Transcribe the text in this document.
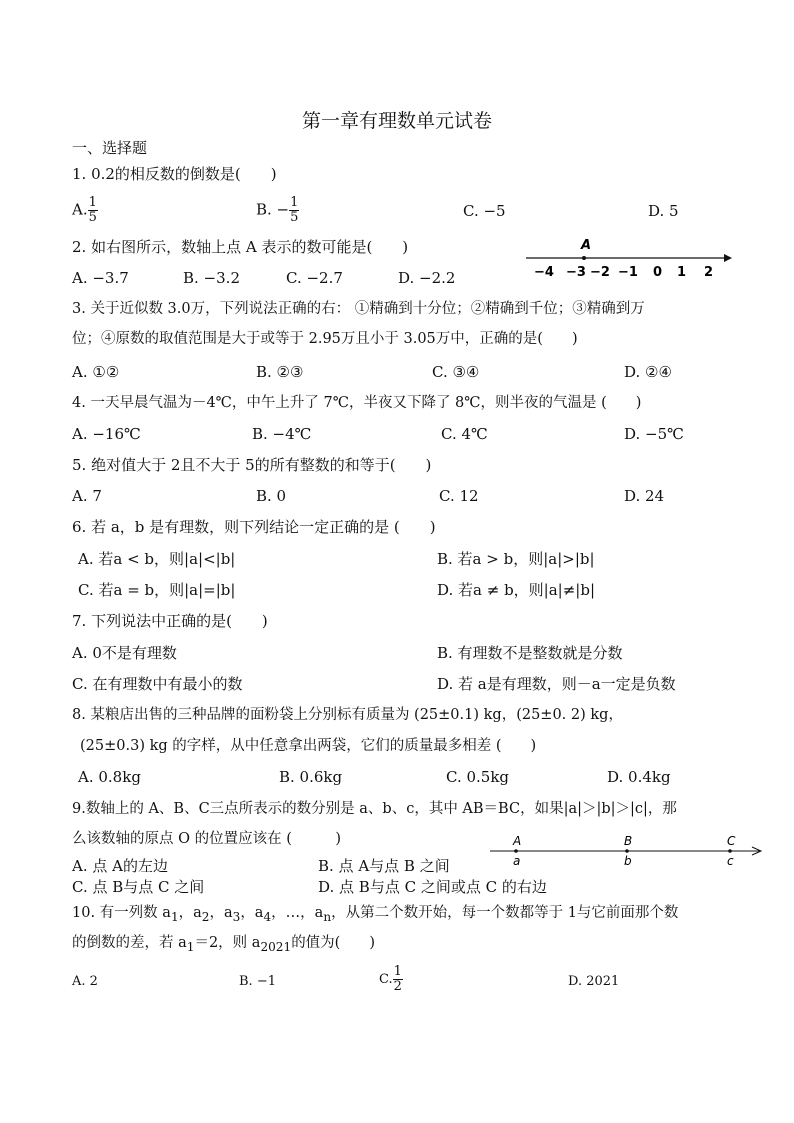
第一章有理数单元试卷
一、选择题
1. 0.2的相反数的倒数是(　　)
A. $\frac{1}{5}$	B. − $\frac{1}{5}$	C. −5	D. 5
2. 如右图所示，数轴上点 A 表示的数可能是(　　)
A. −3.7	B. −3.2	C. −2.7	D. −2.2
A
−4 −3 −2 −1 0 1 2
3. 关于近似数 3.0万，下列说法正确的右： ①精确到十分位；②精确到千位；③精确到万
位；④原数的取值范围是大于或等于 2.95万且小于 3.05万中，正确的是(　　)
A. ①②	B. ②③	C. ③④	D. ②④
4. 一天早晨气温为－4℃，中午上升了 7℃，半夜又下降了 8℃，则半夜的气温是 (　　)
A. −16℃	B. −4℃	C. 4℃	D. −5℃
5. 绝对值大于 2且不大于 5的所有整数的和等于(　　)
A. 7	B. 0	C. 12	D. 24
6. 若 a，b 是有理数，则下列结论一定正确的是 (　　)
A. 若a < b，则|a|<|b|	B. 若a > b，则|a|>|b|
C. 若a = b，则|a|=|b|	D. 若a ≠ b，则|a|≠|b|
7. 下列说法中正确的是(　　)
A. 0不是有理数	B. 有理数不是整数就是分数
C. 在有理数中有最小的数	D. 若 a是有理数，则－a一定是负数
8. 某粮店出售的三种品牌的面粉袋上分别标有质量为 (25±0.1) kg，(25±0. 2) kg，
(25±0.3) kg 的字样，从中任意拿出两袋，它们的质量最多相差 (　　)
A. 0.8kg	B. 0.6kg	C. 0.5kg	D. 0.4kg
9.数轴上的 A、B、C三点所表示的数分别是 a、b、c，其中 AB＝BC，如果|a|＞|b|＞|c|，那
么该数轴的原点 O 的位置应该在 (　　　)
A. 点 A的左边	B. 点 A与点 B 之间
C. 点 B与点 C 之间	D. 点 B与点 C 之间或点 C 的右边
A	B	C
a	b	c
10. 有一列数 $a_1$，$a_2$，$a_3$，$a_4$，…，$a_n$，从第二个数开始，每一个数都等于 1与它前面那个数
的倒数的差，若 $a_1=2$，则 $a_{2021}$的值为(　　)
A. 2	B. −1	C. $\frac{1}{2}$	D. 2021
